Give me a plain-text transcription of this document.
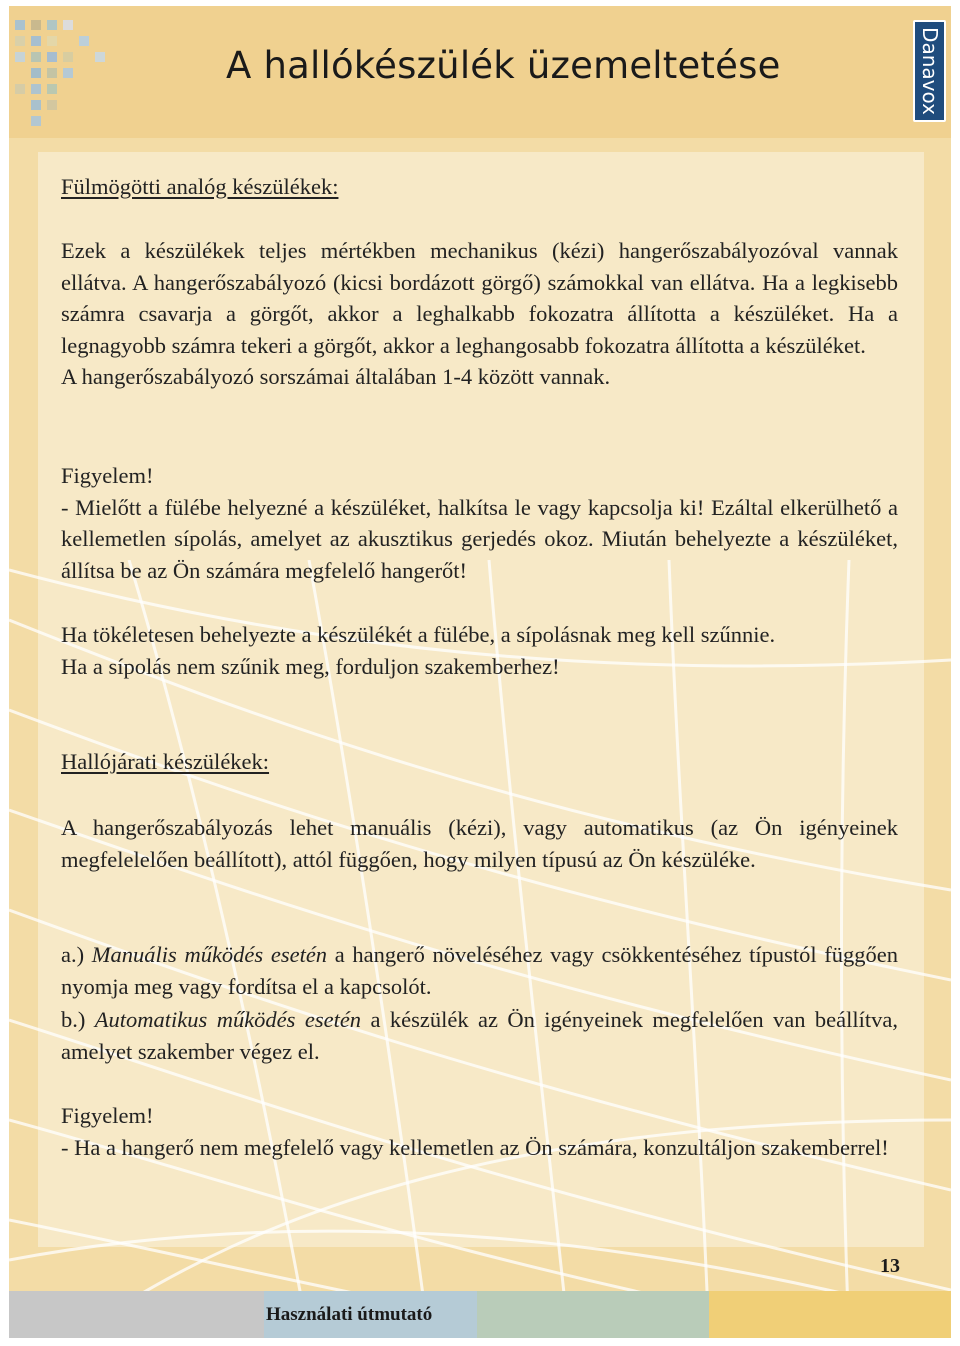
A hallókészülék üzemeltetése	Danavox

Fülmögötti analóg készülékek:

Ezek a készülékek teljes mértékben mechanikus (kézi) hangerőszabályozóval vannak ellátva. A hangerőszabályozó (kicsi bordázott görgő) számokkal van ellátva. Ha a legkisebb számra csavarja a görgőt, akkor a leghalkabb fokozatra állította a készüléket. Ha a legnagyobb számra tekeri a görgőt, akkor a leghangosabb fokozatra állította a készüléket.

A hangerőszabályozó sorszámai általában 1-4 között vannak.

Figyelem!

- Mielőtt a fülébe helyezné a készüléket, halkítsa le vagy kapcsolja ki! Ezáltal elkerülhető a kellemetlen sípolás, amelyet az akusztikus gerjedés okoz. Miután behelyezte a készüléket, állítsa be az Ön számára megfelelő hangerőt!

Ha tökéletesen behelyezte a készülékét a fülébe, a sípolásnak meg kell szűnnie.

Ha a sípolás nem szűnik meg, forduljon szakemberhez!

Hallójárati készülékek:

A hangerőszabályozás lehet manuális (kézi), vagy automatikus (az Ön igényeinek megfelelelően beállított), attól függően, hogy milyen típusú az Ön készüléke.

a.) Manuális működés esetén a hangerő növeléséhez vagy csökkentéséhez típustól függően nyomja meg vagy fordítsa el a kapcsolót.

b.) Automatikus működés esetén a készülék az Ön igényeinek megfelelően van beállítva, amelyet szakember végez el.

Figyelem!

- Ha a hangerő nem megfelelő vagy kellemetlen az Ön számára, konzultáljon szakemberrel!

13
Használati útmutató
